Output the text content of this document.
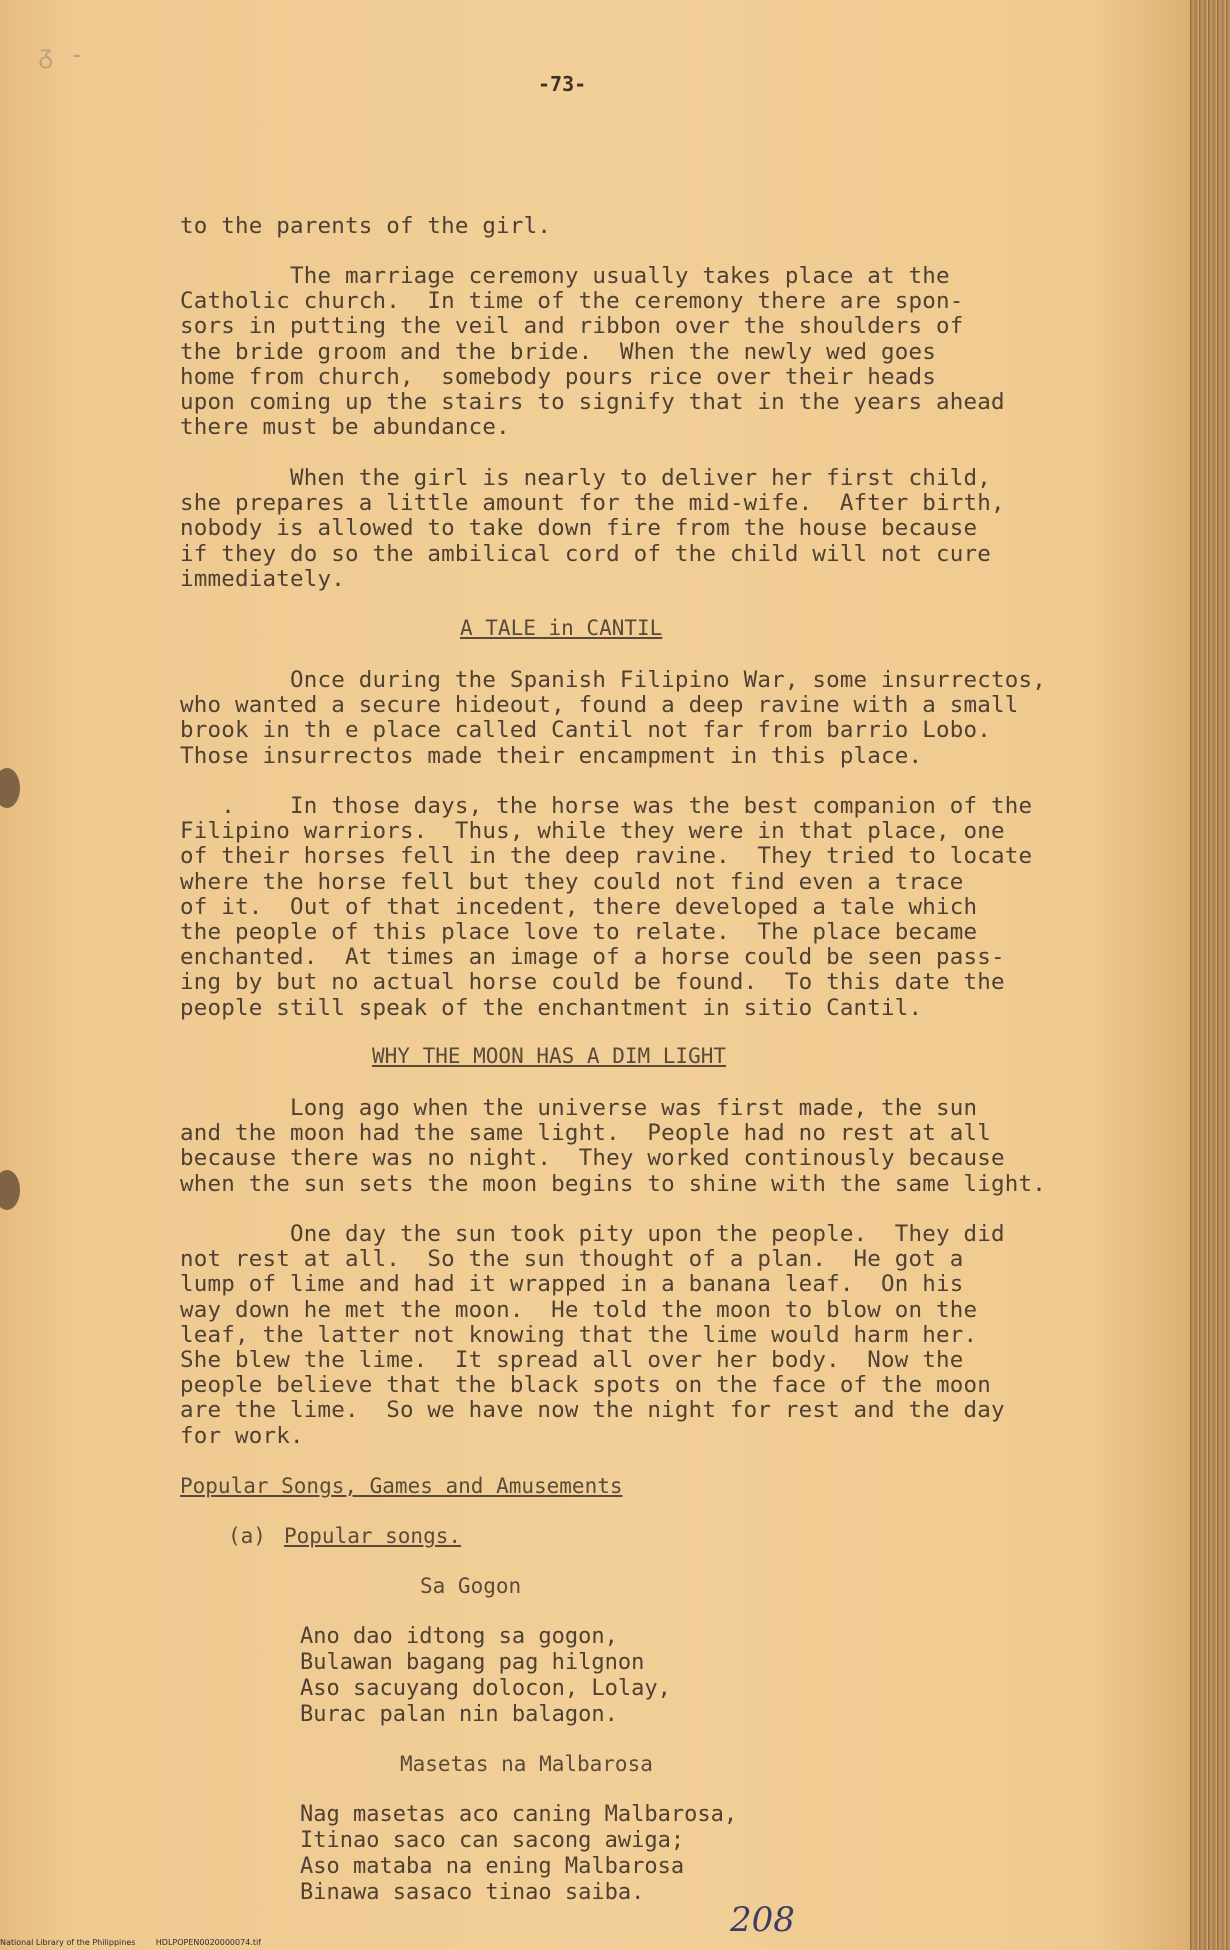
ᵹ ‐
-73-
to the parents of the girl.
The marriage ceremony usually takes place at the
Catholic church.  In time of the ceremony there are spon-
sors in putting the veil and ribbon over the shoulders of
the bride groom and the bride.  When the newly wed goes
home from church,  somebody pours rice over their heads
upon coming up the stairs to signify that in the years ahead
there must be abundance.
When the girl is nearly to deliver her first child,
she prepares a little amount for the mid-wife.  After birth,
nobody is allowed to take down fire from the house because
if they do so the ambilical cord of the child will not cure
immediately.
A TALE in CANTIL
Once during the Spanish Filipino War, some insurrectos,
who wanted a secure hideout, found a deep ravine with a small
brook in th e place called Cantil not far from barrio Lobo.
Those insurrectos made their encampment in this place.
.    In those days, the horse was the best companion of the
Filipino warriors.  Thus, while they were in that place, one
of their horses fell in the deep ravine.  They tried to locate
where the horse fell but they could not find even a trace
of it.  Out of that incedent, there developed a tale which
the people of this place love to relate.  The place became
enchanted.  At times an image of a horse could be seen pass-
ing by but no actual horse could be found.  To this date the
people still speak of the enchantment in sitio Cantil.
WHY THE MOON HAS A DIM LIGHT
Long ago when the universe was first made, the sun
and the moon had the same light.  People had no rest at all
because there was no night.  They worked continously because
when the sun sets the moon begins to shine with the same light.
One day the sun took pity upon the people.  They did
not rest at all.  So the sun thought of a plan.  He got a
lump of lime and had it wrapped in a banana leaf.  On his
way down he met the moon.  He told the moon to blow on the
leaf, the latter not knowing that the lime would harm her.
She blew the lime.  It spread all over her body.  Now the
people believe that the black spots on the face of the moon
are the lime.  So we have now the night for rest and the day
for work.
Popular Songs, Games and Amusements
(a) Popular songs.
Sa Gogon
Ano dao idtong sa gogon,
Bulawan bagang pag hilgnon
Aso sacuyang dolocon, Lolay,
Burac palan nin balagon.
Masetas na Malbarosa
Nag masetas aco caning Malbarosa,
Itinao saco can sacong awiga;
Aso mataba na ening Malbarosa
Binawa sasaco tinao saiba.
208
National Library of the Philippines	HDLPOPEN0020000074.tif
